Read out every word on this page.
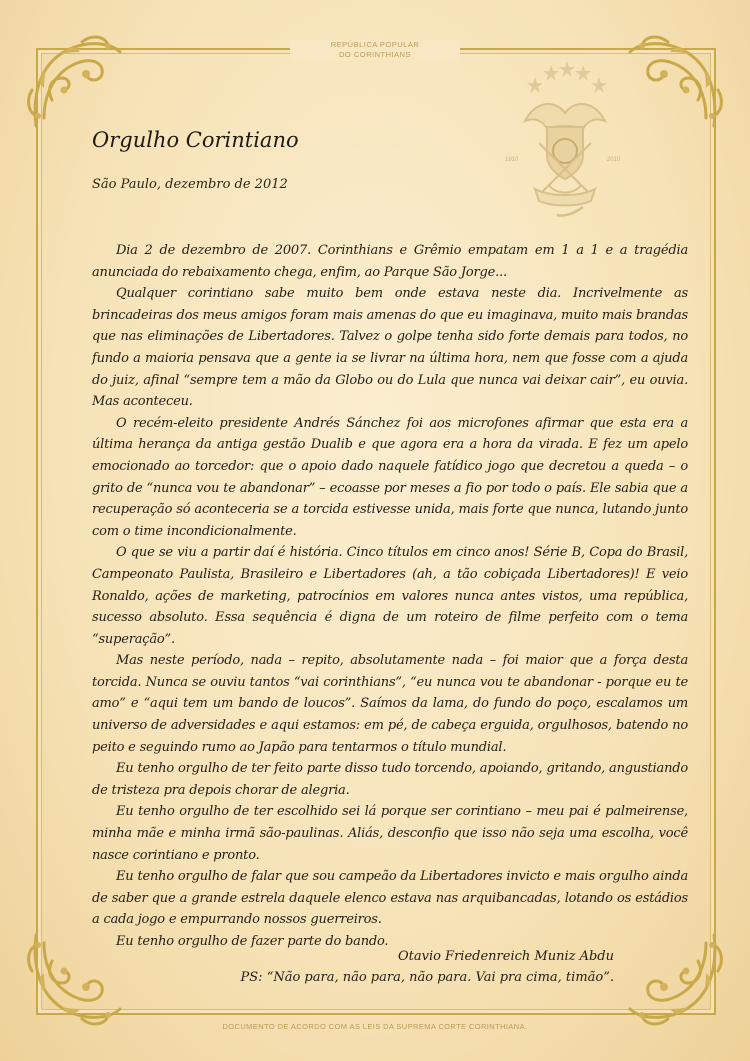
REPÚBLICA POPULAR
DO CORINTHIANS
1910	2010
Orgulho Corintiano
São Paulo, dezembro de 2012

Dia 2 de dezembro de 2007. Corinthians e Grêmio empatam em 1 a 1 e a tragédia anunciada do rebaixamento chega, enfim, ao Parque São Jorge...

Qualquer corintiano sabe muito bem onde estava neste dia. Incrivelmente as brincadeiras dos meus amigos foram mais amenas do que eu imaginava, muito mais brandas que nas eliminações de Libertadores. Talvez o golpe tenha sido forte demais para todos, no fundo a maioria pensava que a gente ia se livrar na última hora, nem que fosse com a ajuda do juiz, afinal “sempre tem a mão da Globo ou do Lula que nunca vai deixar cair”, eu ouvia. Mas aconteceu.

O recém-eleito presidente Andrés Sánchez foi aos microfones afirmar que esta era a última herança da antiga gestão Dualib e que agora era a hora da virada. E fez um apelo emocionado ao torcedor: que o apoio dado naquele fatídico jogo que decretou a queda – o grito de “nunca vou te abandonar” – ecoasse por meses a fio por todo o país. Ele sabia que a recuperação só aconteceria se a torcida estivesse unida, mais forte que nunca, lutando junto com o time incondicionalmente.

O que se viu a partir daí é história. Cinco títulos em cinco anos! Série B, Copa do Brasil, Campeonato Paulista, Brasileiro e Libertadores (ah, a tão cobiçada Libertadores)! E veio Ronaldo, ações de marketing, patrocínios em valores nunca antes vistos, uma república, sucesso absoluto. Essa sequência é digna de um roteiro de filme perfeito com o tema “superação”.

Mas neste período, nada – repito, absolutamente nada – foi maior que a força desta torcida. Nunca se ouviu tantos “vai corinthians”, “eu nunca vou te abandonar - porque eu te amo” e “aqui tem um bando de loucos”. Saímos da lama, do fundo do poço, escalamos um universo de adversidades e aqui estamos: em pé, de cabeça erguida, orgulhosos, batendo no peito e seguindo rumo ao Japão para tentarmos o título mundial.

Eu tenho orgulho de ter feito parte disso tudo torcendo, apoiando, gritando, angustiando de tristeza pra depois chorar de alegria.

Eu tenho orgulho de ter escolhido sei lá porque ser corintiano – meu pai é palmeirense, minha mãe e minha irmã são-paulinas. Aliás, desconfio que isso não seja uma escolha, você nasce corintiano e pronto.

Eu tenho orgulho de falar que sou campeão da Libertadores invicto e mais orgulho ainda de saber que a grande estrela daquele elenco estava nas arquibancadas, lotando os estádios a cada jogo e empurrando nossos guerreiros.

Eu tenho orgulho de fazer parte do bando.

Otavio Friedenreich Muniz Abdu
PS: “Não para, não para, não para. Vai pra cima, timão”.
DOCUMENTO DE ACORDO COM AS LEIS DA SUPREMA CORTE CORINTHIANA.
